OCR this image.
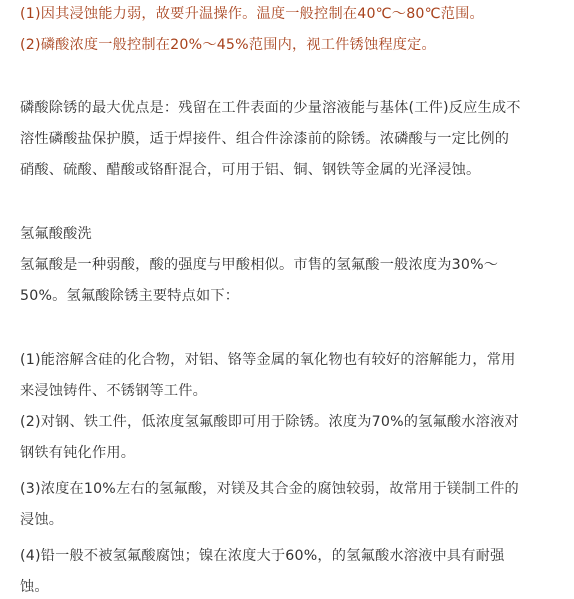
(1)因其浸蚀能力弱，故要升温操作。温度一般控制在40℃～80℃范围。
(2)磷酸浓度一般控制在20%～45%范围内，视工件锈蚀程度定。
磷酸除锈的最大优点是：残留在工件表面的少量溶液能与基体(工件)反应生成不
溶性磷酸盐保护膜，适于焊接件、组合件涂漆前的除锈。浓磷酸与一定比例的
硝酸、硫酸、醋酸或铬酐混合，可用于铝、铜、钢铁等金属的光泽浸蚀。
氢氟酸酸洗
氢氟酸是一种弱酸，酸的强度与甲酸相似。市售的氢氟酸一般浓度为30%～
50%。氢氟酸除锈主要特点如下：
(1)能溶解含硅的化合物，对铝、铬等金属的氧化物也有较好的溶解能力，常用
来浸蚀铸件、不锈钢等工件。
(2)对钢、铁工件，低浓度氢氟酸即可用于除锈。浓度为70%的氢氟酸水溶液对
钢铁有钝化作用。
(3)浓度在10%左右的氢氟酸，对镁及其合金的腐蚀较弱，故常用于镁制工件的
浸蚀。
(4)铅一般不被氢氟酸腐蚀；镍在浓度大于60%，的氢氟酸水溶液中具有耐强
蚀。
